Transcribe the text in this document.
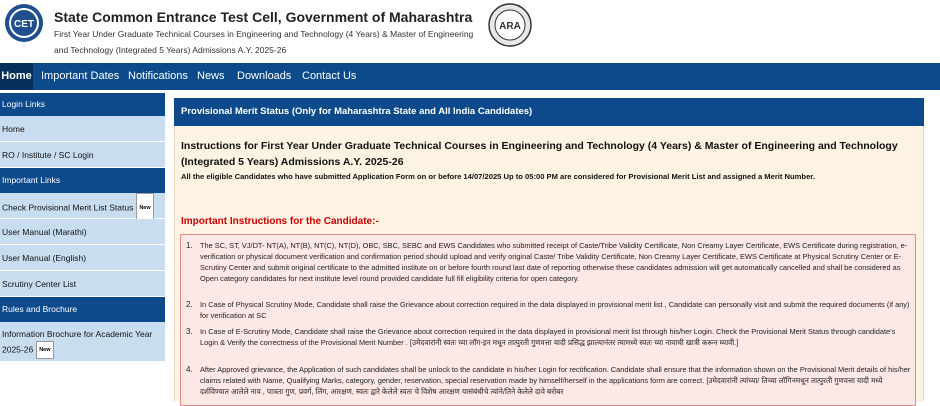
CET State Common Entrance Test Cell, Government of Maharashtra
First Year Under Graduate Technical Courses in Engineering and Technology (4 Years) & Master of Engineering
and Technology (Integrated 5 Years) Admissions A.Y. 2025-26
ARA
Home Important Dates Notifications News Downloads Contact Us
Login Links
Home
RO / Institute / SC Login
Important Links
Check Provisional Merit List Status New
User Manual (Marathi)
User Manual (English)
Scrutiny Center List
Rules and Brochure
Information Brochure for Academic Year
2025-26 New
Provisional Merit Status (Only for Maharashtra State and All India Candidates)
Instructions for First Year Under Graduate Technical Courses in Engineering and Technology (4 Years) & Master of Engineering and Technology (Integrated 5 Years) Admissions A.Y. 2025-26
All the eligible Candidates who have submitted Application Form on or before 14/07/2025 Up to 05:00 PM are considered for Provisional Merit List and assigned a Merit Number.
Important Instructions for the Candidate:-
1. The SC, ST, VJ/DT- NT(A), NT(B), NT(C), NT(D), OBC, SBC, SEBC and EWS Candidates who submitted receipt of Caste/Tribe Validity Certificate, Non Creamy Layer Certificate, EWS Certificate during registration, e-verification or physical document verification and confirmation period should upload and verify original Caste/ Tribe Validity Certificate, Non Creamy Layer Certificate, EWS Certificate at Physical Scrutiny Center or E-Scrutiny Center and submit original certificate to the admitted institute on or before fourth round last date of reporting otherwise these candidates admission will get automatically cancelled and shall be considered as Open category candidates for next institute level round provided candidate full fill eligibility criteria for open category.
2. In Case of Physical Scrutiny Mode, Candidate shall raise the Grievance about correction required in the data displayed in provisional merit list , Candidate can personally visit and submit the required documents (if any) for verification at SC
3. In Case of E-Scrutiny Mode, Candidate shall raise the Grievance about correction required in the data displayed in provisional merit list through his/her Login. Check the Provisional Merit Status through candidate's Login & Verify the correctness of the Provisional Merit Number . [उमेदवारांनी स्वतः च्या लॉग-इन मधून तात्पुरती गुणवत्ता यादी प्रसिद्ध झाल्यानंतर त्यामध्ये स्वतः च्या नावाची खात्री करून घ्यावी.]
4. After Approved grievance, the Application of such candidates shall be unlock to the candidate in his/her Login for rectification. Candidate shall ensure that the information shown on the Provisional Merit details of his/her claims related with Name, Qualifying Marks, category, gender, reservation, special reservation made by himself/herself in the applications form are correct. [उमेदवारांनी त्यांच्या/ तिच्या लॉगिनमधून तात्पुरती गुणवत्ता यादी मध्ये दर्शविण्यात आलेले नाव , पात्रता गुण, प्रवर्ग, लिंग, आरक्षण, स्वतः द्वारे केलेले स्वतः चे विशेष आरक्षण यासंबंधीचे त्यांने/तिने केलेले दावे बरोबर
